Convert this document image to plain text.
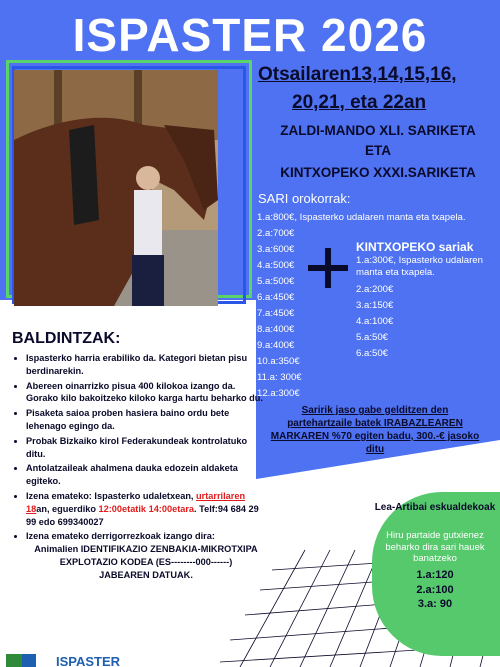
ISPASTER 2026
Otsailaren13,14,15,16,
20,21, eta 22an
ZALDI-MANDO XLI. SARIKETA
ETA
KINTXOPEKO XXXI.SARIKETA
SARI orokorrak:
1.a:800€, Ispasterko udalaren manta eta txapela.
2.a:700€
3.a:600€
4.a:500€
5.a:500€
6.a:450€
7.a:450€
8.a:400€
9.a:400€
10.a:350€
11.a: 300€
12.a:300€
KINTXOPEKO sariak
1.a:300€, Ispasterko udalaren manta eta txapela.
2.a:200€
3.a:150€
4.a:100€
5.a:50€
6.a:50€
Saririk jaso gabe gelditzen den partehartzaile batek IRABAZLEAREN MARKAREN %70 egiten badu, 300.-€ jasoko ditu
BALDINTZAK:
• Ispasterko harria erabiliko da. Kategori bietan pisu berdinarekin.
• Abereen oinarrizko pisua 400 kilokoa izango da. Gorako kilo bakoitzeko kiloko karga hartu beharko du.
• Pisaketa saioa proben hasiera baino ordu bete lehenago egingo da.
• Probak Bizkaiko kirol Federakundeak kontrolatuko ditu.
• Antolatzaileak ahalmena dauka edozein aldaketa egiteko.
• Izena emateko: Ispasterko udaletxean, urtarrilaren 18an, eguerdiko 12:00etatik 14:00etara. Telf:94 684 29 99 edo 699340027
• Izena emateko derrigorrezkoak izango dira:
Animalien IDENTIFIKAZIO ZENBAKIA-MIKROTXIPA
EXPLOTAZIO KODEA (ES--------000------)
JABEAREN DATUAK.
Lea-Artibai eskualdekoak
Hiru partaide gutxienez beharko dira sari hauek banatzeko
1.a:120
2.a:100
3.a: 90
ISPASTER
